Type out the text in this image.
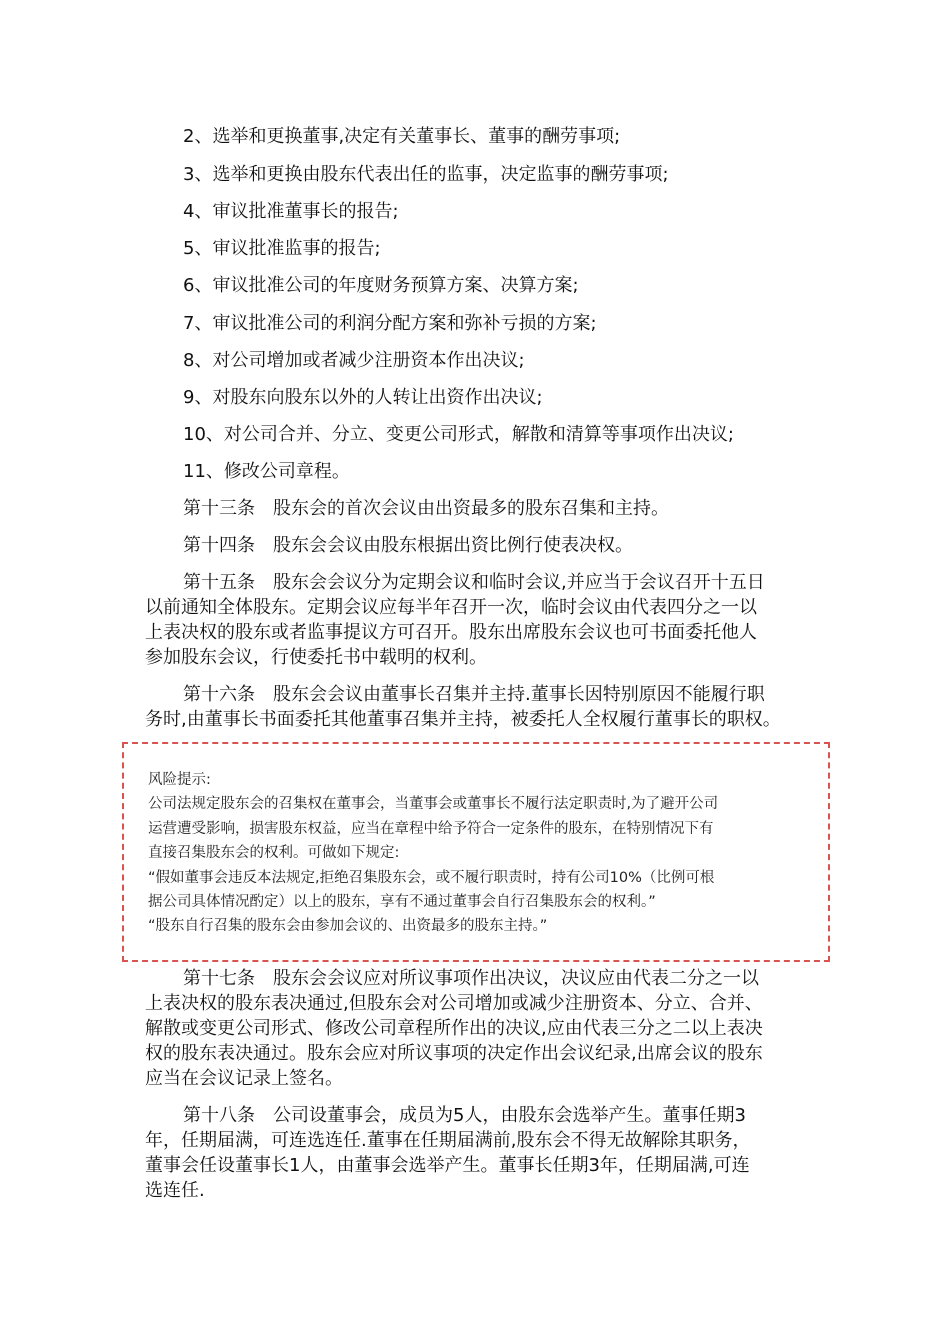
2、选举和更换董事,决定有关董事长、董事的酬劳事项;
3、选举和更换由股东代表出任的监事，决定监事的酬劳事项;
4、审议批准董事长的报告;
5、审议批准监事的报告;
6、审议批准公司的年度财务预算方案、决算方案;
7、审议批准公司的利润分配方案和弥补亏损的方案;
8、对公司增加或者减少注册资本作出决议;
9、对股东向股东以外的人转让出资作出决议;
10、对公司合并、分立、变更公司形式，解散和清算等事项作出决议;
11、修改公司章程。
第十三条　股东会的首次会议由出资最多的股东召集和主持。
第十四条　股东会会议由股东根据出资比例行使表决权。
第十五条　股东会会议分为定期会议和临时会议,并应当于会议召开十五日
以前通知全体股东。定期会议应每半年召开一次，临时会议由代表四分之一以
上表决权的股东或者监事提议方可召开。股东出席股东会议也可书面委托他人
参加股东会议，行使委托书中载明的权利。
第十六条　股东会会议由董事长召集并主持.董事长因特别原因不能履行职
务时,由董事长书面委托其他董事召集并主持，被委托人全权履行董事长的职权。
风险提示:
公司法规定股东会的召集权在董事会，当董事会或董事长不履行法定职责时,为了避开公司
运营遭受影响，损害股东权益，应当在章程中给予符合一定条件的股东，在特别情况下有
直接召集股东会的权利。可做如下规定:
“假如董事会违反本法规定,拒绝召集股东会，或不履行职责时，持有公司10%（比例可根
据公司具体情况酌定）以上的股东，享有不通过董事会自行召集股东会的权利。”
“股东自行召集的股东会由参加会议的、出资最多的股东主持。”
第十七条　股东会会议应对所议事项作出决议，决议应由代表二分之一以
上表决权的股东表决通过,但股东会对公司增加或减少注册资本、分立、合并、
解散或变更公司形式、修改公司章程所作出的决议,应由代表三分之二以上表决
权的股东表决通过。股东会应对所议事项的决定作出会议纪录,出席会议的股东
应当在会议记录上签名。
第十八条　公司设董事会，成员为5人，由股东会选举产生。董事任期3
年，任期届满，可连选连任.董事在任期届满前,股东会不得无故解除其职务，
董事会任设董事长1人，由董事会选举产生。董事长任期3年，任期届满,可连
选连任.
